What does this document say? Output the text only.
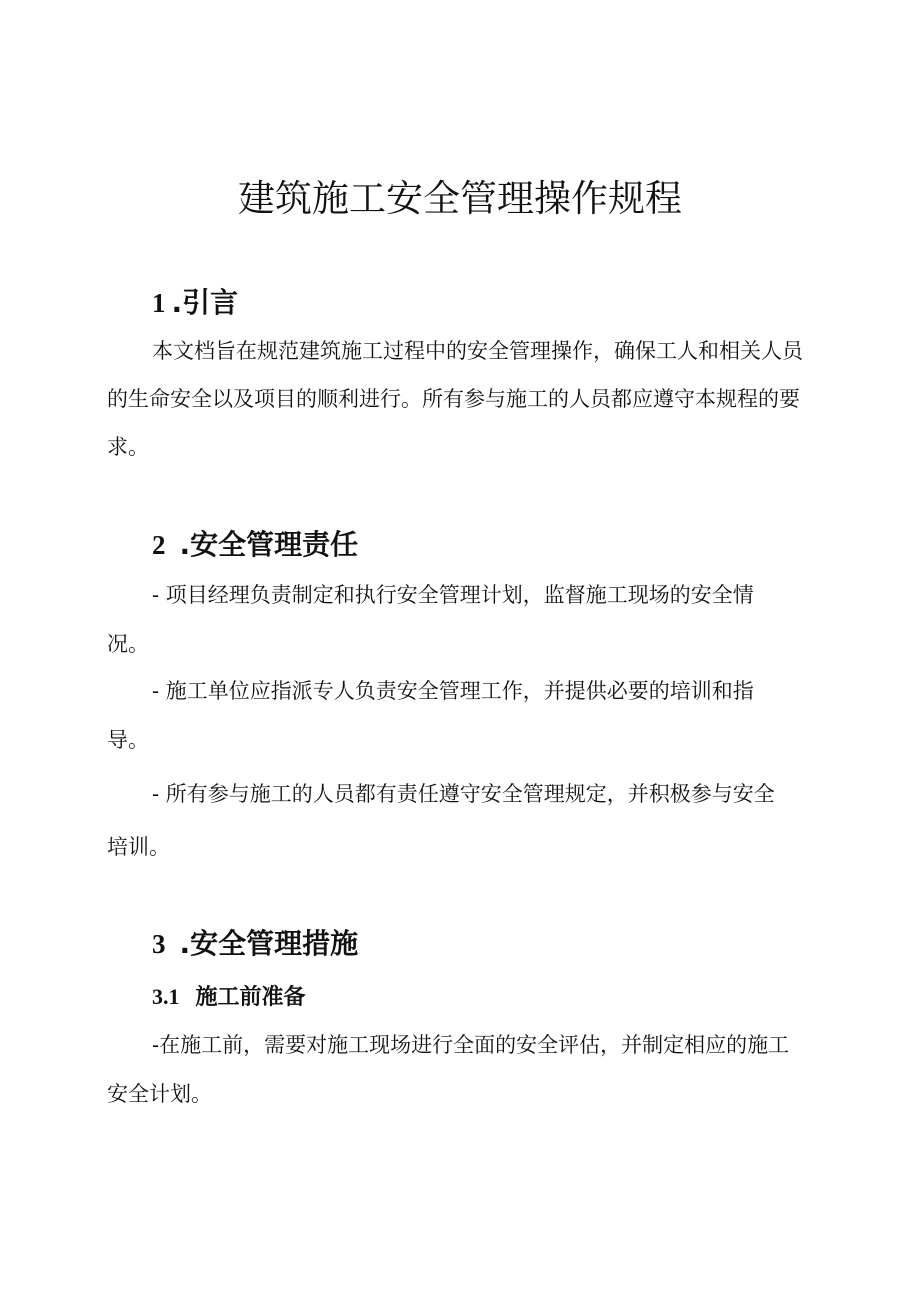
建筑施工安全管理操作规程
1 .引言

本文档旨在规范建筑施工过程中的安全管理操作，确保工人和相关人员

的生命安全以及项目的顺利进行。所有参与施工的人员都应遵守本规程的要

求。

2 .安全管理责任

- 项目经理负责制定和执行安全管理计划，监督施工现场的安全情

况。

- 施工单位应指派专人负责安全管理工作，并提供必要的培训和指

导。

- 所有参与施工的人员都有责任遵守安全管理规定，并积极参与安全

培训。

3 .安全管理措施
3.1 施工前准备

-在施工前，需要对施工现场进行全面的安全评估，并制定相应的施工

安全计划。
